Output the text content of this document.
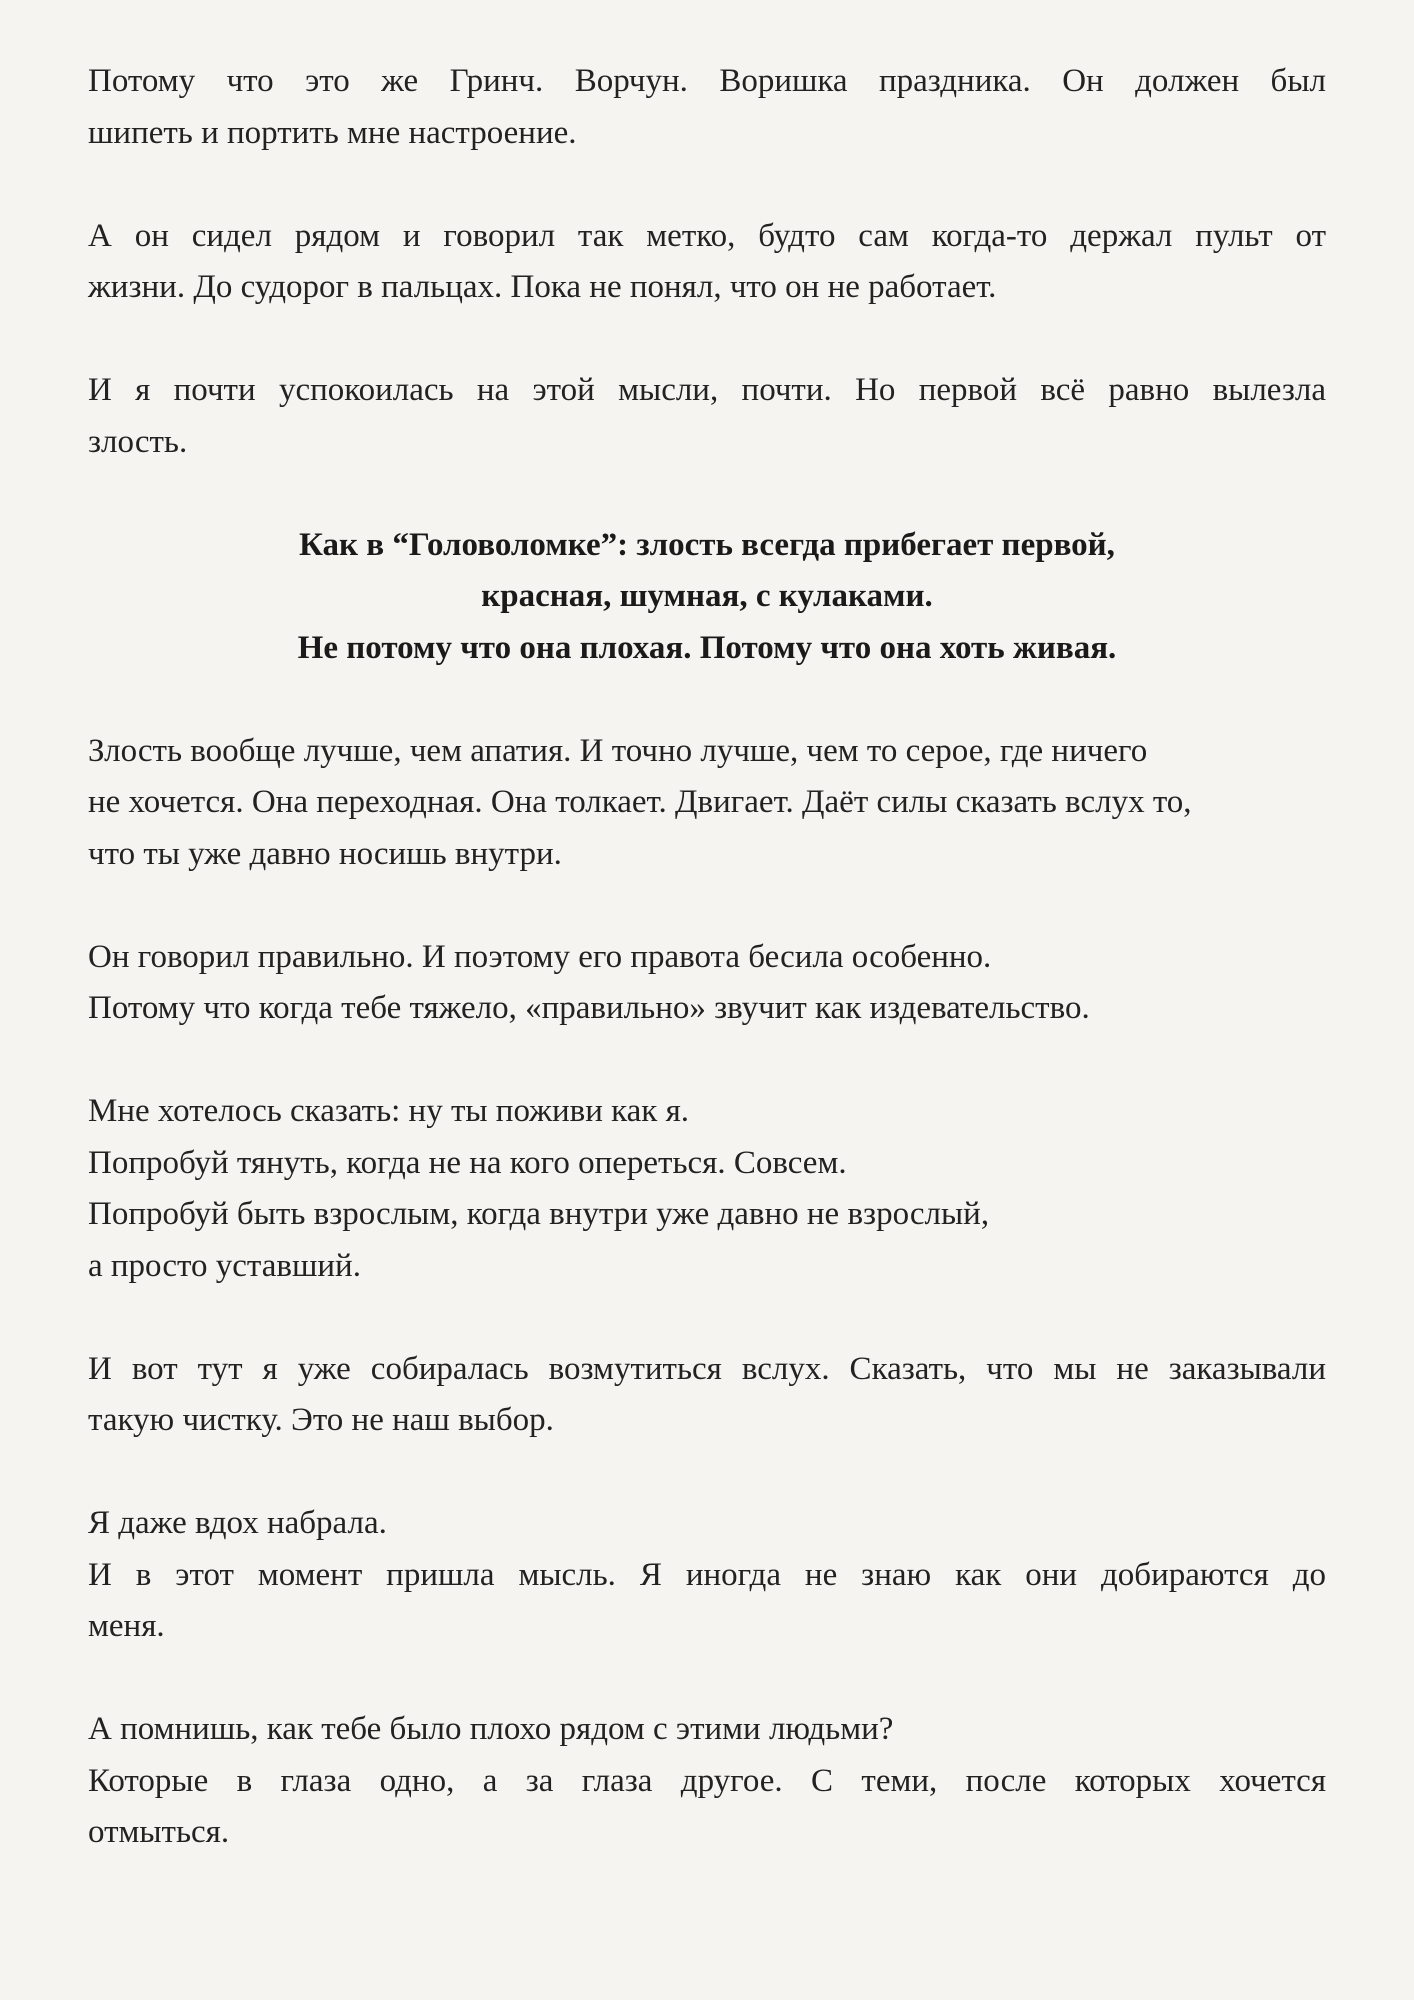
Потому что это же Гринч. Ворчун. Воришка праздника. Он должен был
шипеть и портить мне настроение.

А он сидел рядом и говорил так метко, будто сам когда-то держал пульт от
жизни. До судорог в пальцах. Пока не понял, что он не работает.

И я почти успокоилась на этой мысли, почти. Но первой всё равно вылезла
злость.

Как в “Головоломке”: злость всегда прибегает первой,
красная, шумная, с кулаками.
Не потому что она плохая. Потому что она хоть живая.

Злость вообще лучше, чем апатия. И точно лучше, чем то серое, где ничего
не хочется. Она переходная. Она толкает. Двигает. Даёт силы сказать вслух то,
что ты уже давно носишь внутри.

Он говорил правильно. И поэтому его правота бесила особенно.
Потому что когда тебе тяжело, «правильно» звучит как издевательство.

Мне хотелось сказать: ну ты поживи как я.
Попробуй тянуть, когда не на кого опереться. Совсем.
Попробуй быть взрослым, когда внутри уже давно не взрослый,
а просто уставший.

И вот тут я уже собиралась возмутиться вслух. Сказать, что мы не заказывали
такую чистку. Это не наш выбор.

Я даже вдох набрала.
И в этот момент пришла мысль. Я иногда не знаю как они добираются до
меня.

А помнишь, как тебе было плохо рядом с этими людьми?
Которые в глаза одно, а за глаза другое. С теми, после которых хочется
отмыться.
